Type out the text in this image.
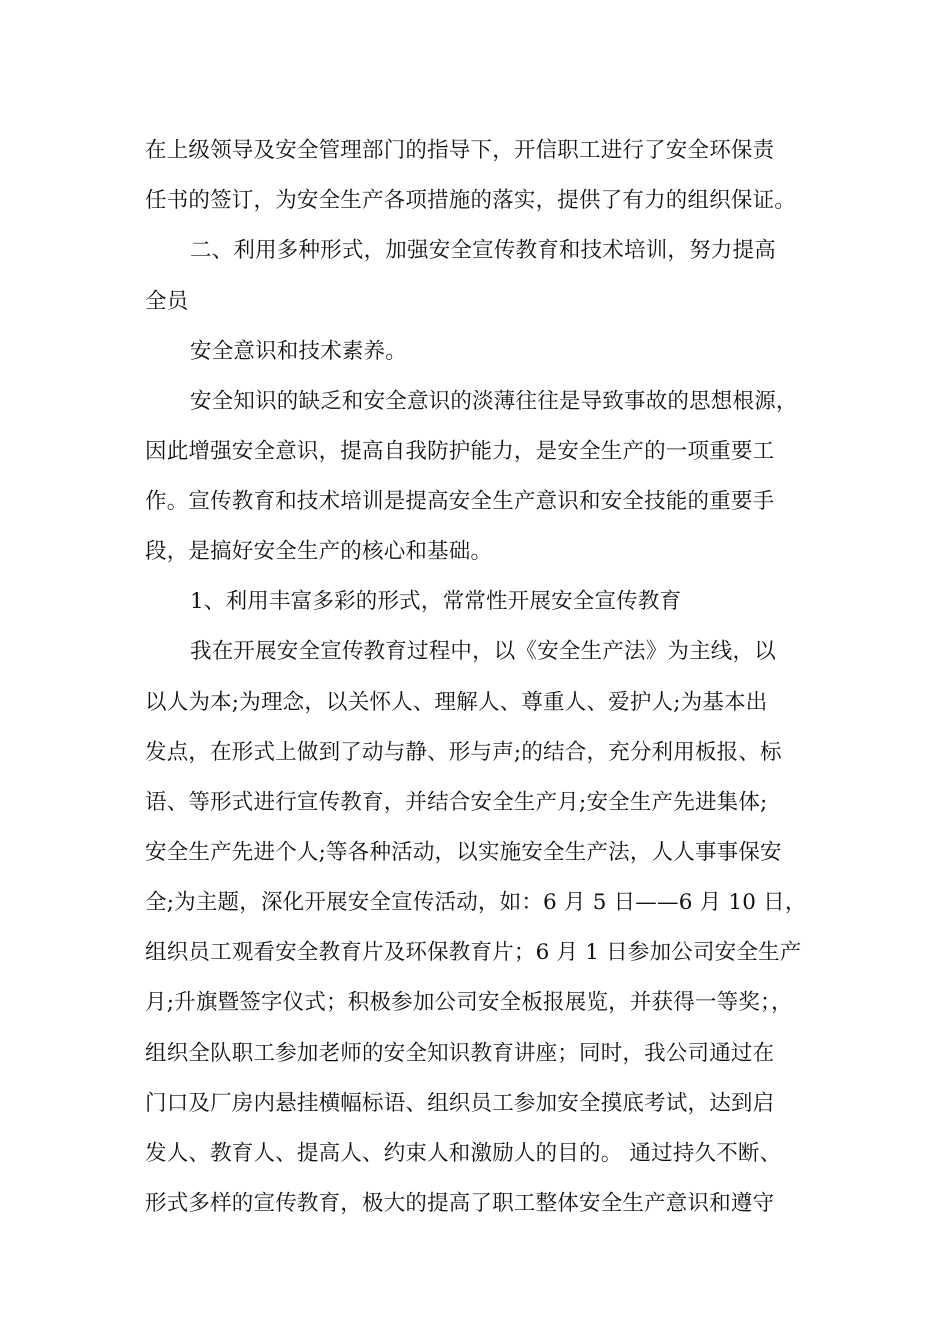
在上级领导及安全管理部门的指导下，开信职工进行了安全环保责
任书的签订，为安全生产各项措施的落实，提供了有力的组织保证。
二、利用多种形式，加强安全宣传教育和技术培训，努力提高
全员
安全意识和技术素养。
安全知识的缺乏和安全意识的淡薄往往是导致事故的思想根源，
因此增强安全意识，提高自我防护能力，是安全生产的一项重要工
作。宣传教育和技术培训是提高安全生产意识和安全技能的重要手
段，是搞好安全生产的核心和基础。
1、利用丰富多彩的形式，常常性开展安全宣传教育
我在开展安全宣传教育过程中，以《安全生产法》为主线，以
以人为本;为理念，以关怀人、理解人、尊重人、爱护人;为基本出
发点，在形式上做到了动与静、形与声;的结合，充分利用板报、标
语、等形式进行宣传教育，并结合安全生产月;安全生产先进集体;
安全生产先进个人;等各种活动，以实施安全生产法，人人事事保安
全;为主题，深化开展安全宣传活动，如：6 月 5 日——6 月 10 日，
组织员工观看安全教育片及环保教育片；6 月 1 日参加公司安全生产
月;升旗暨签字仪式；积极参加公司安全板报展览，并获得一等奖；，
组织全队职工参加老师的安全知识教育讲座；同时，我公司通过在
门口及厂房内悬挂横幅标语、组织员工参加安全摸底考试，达到启
发人、教育人、提高人、约束人和激励人的目的。 通过持久不断、
形式多样的宣传教育，极大的提高了职工整体安全生产意识和遵守
